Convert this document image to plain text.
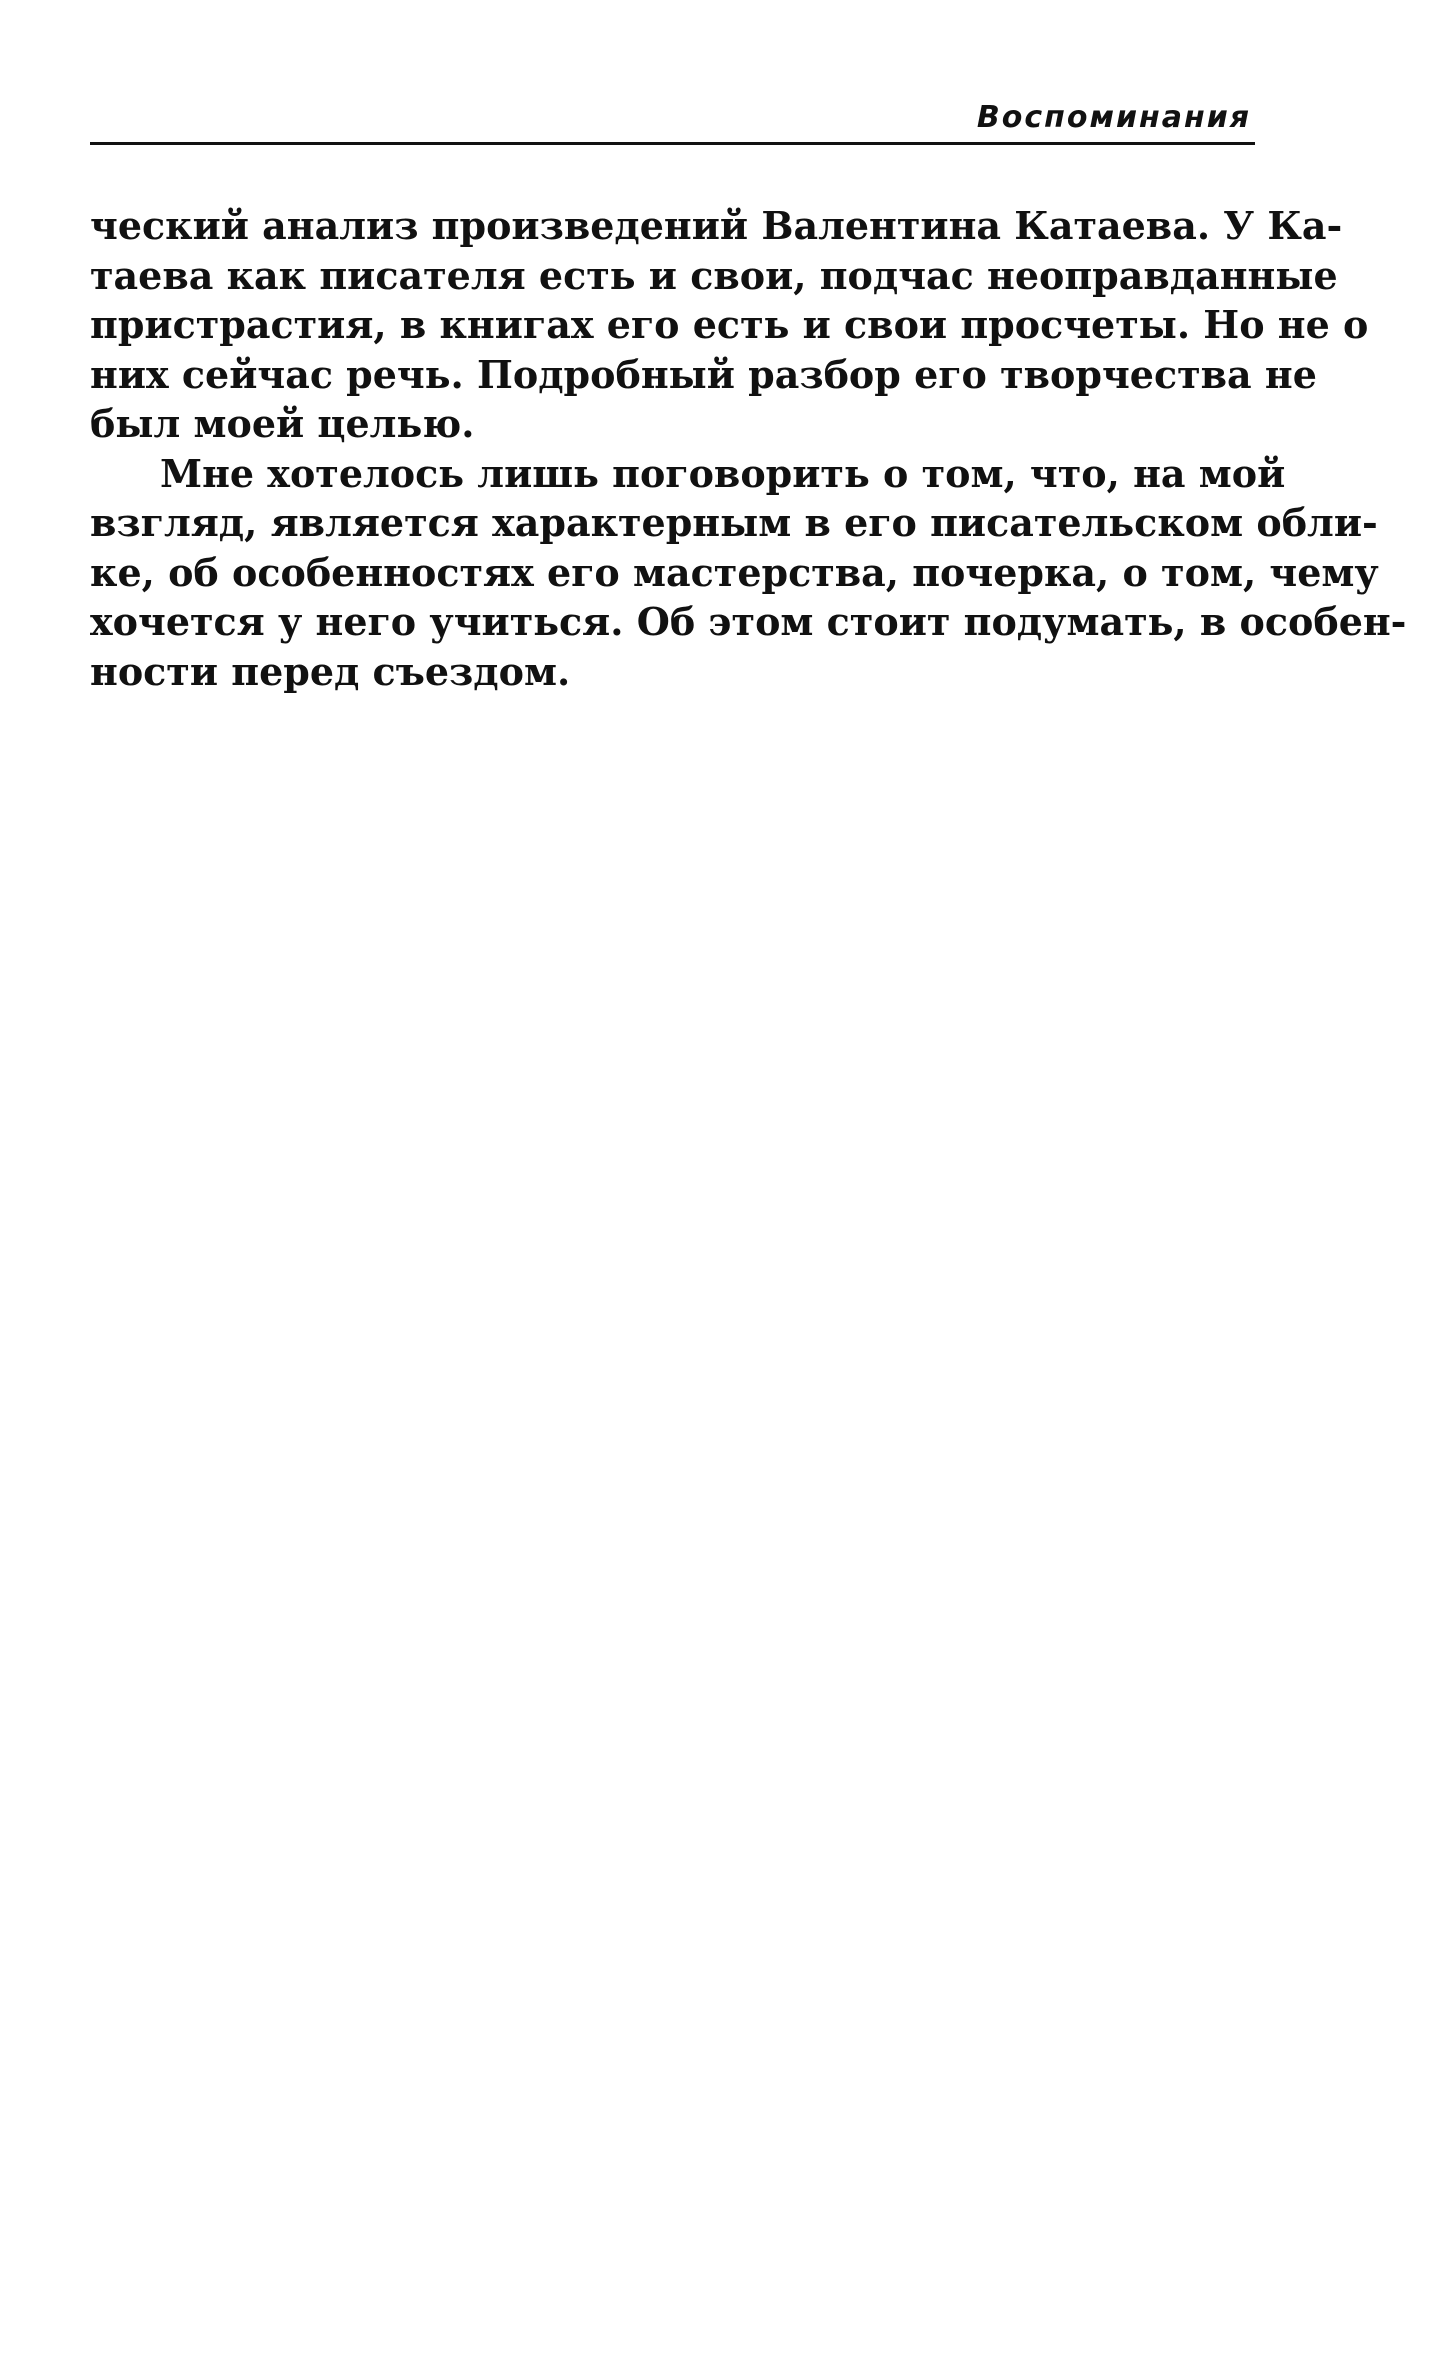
Воспоминания
ческий анализ произведений Валентина Катаева. У Ка-
таева как писателя есть и свои, подчас неоправданные
пристрастия, в книгах его есть и свои просчеты. Но не о
них сейчас речь. Подробный разбор его творчества не
был моей целью.
Мне хотелось лишь поговорить о том, что, на мой
взгляд, является характерным в его писательском обли-
ке, об особенностях его мастерства, почерка, о том, чему
хочется у него учиться. Об этом стоит подумать, в особен-
ности перед съездом.
